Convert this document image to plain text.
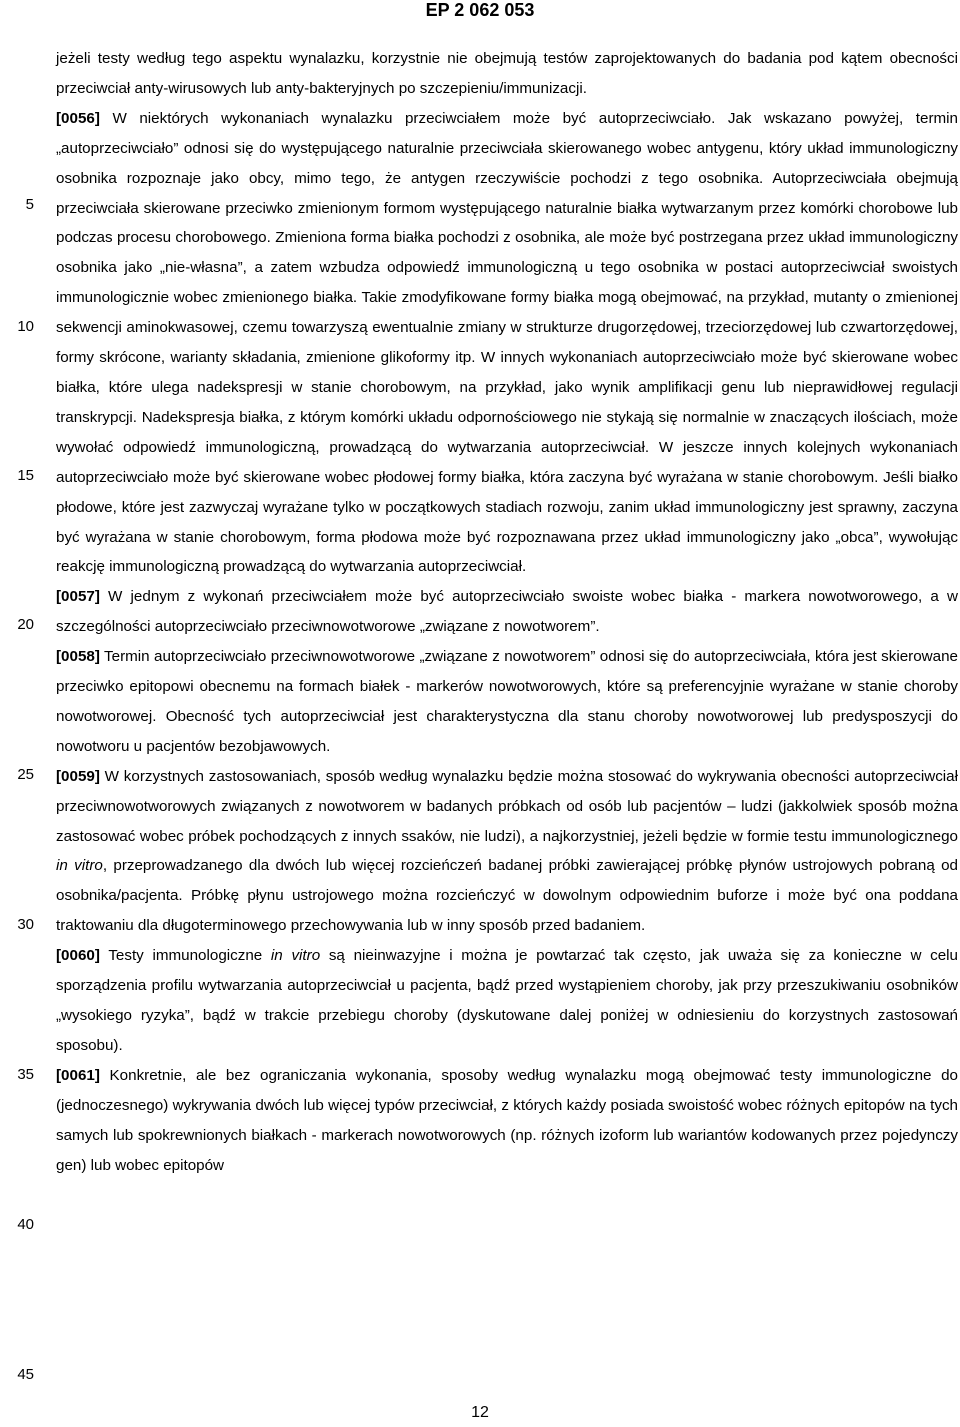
EP 2 062 053
5
10
15
20
25
30
35
40
45

jeżeli testy według tego aspektu wynalazku, korzystnie nie obejmują testów zaprojektowanych do badania pod kątem obecności przeciwciał anty-wirusowych lub anty-bakteryjnych po szczepieniu/immunizacji.

[0056] W niektórych wykonaniach wynalazku przeciwciałem może być autoprzeciwciało. Jak wskazano powyżej, termin „autoprzeciwciało” odnosi się do występującego naturalnie przeciwciała skierowanego wobec antygenu, który układ immunologiczny osobnika rozpoznaje jako obcy, mimo tego, że antygen rzeczywiście pochodzi z tego osobnika. Autoprzeciwciała obejmują przeciwciała skierowane przeciwko zmienionym formom występującego naturalnie białka wytwarzanym przez komórki chorobowe lub podczas procesu chorobowego. Zmieniona forma białka pochodzi z osobnika, ale może być postrzegana przez układ immunologiczny osobnika jako „nie-własna”, a zatem wzbudza odpowiedź immunologiczną u tego osobnika w postaci autoprzeciwciał swoistych immunologicznie wobec zmienionego białka. Takie zmodyfikowane formy białka mogą obejmować, na przykład, mutanty o zmienionej sekwencji aminokwasowej, czemu towarzyszą ewentualnie zmiany w strukturze drugorzędowej, trzeciorzędowej lub czwartorzędowej, formy skrócone, warianty składania, zmienione glikoformy itp. W innych wykonaniach autoprzeciwciało może być skierowane wobec białka, które ulega nadekspresji w stanie chorobowym, na przykład, jako wynik amplifikacji genu lub nieprawidłowej regulacji transkrypcji. Nadekspresja białka, z którym komórki układu odpornościowego nie stykają się normalnie w znaczących ilościach, może wywołać odpowiedź immunologiczną, prowadzącą do wytwarzania autoprzeciwciał. W jeszcze innych kolejnych wykonaniach autoprzeciwciało może być skierowane wobec płodowej formy białka, która zaczyna być wyrażana w stanie chorobowym. Jeśli białko płodowe, które jest zazwyczaj wyrażane tylko w początkowych stadiach rozwoju, zanim układ immunologiczny jest sprawny, zaczyna być wyrażana w stanie chorobowym, forma płodowa może być rozpoznawana przez układ immunologiczny jako „obca”, wywołując reakcję immunologiczną prowadzącą do wytwarzania autoprzeciwciał.

[0057] W jednym z wykonań przeciwciałem może być autoprzeciwciało swoiste wobec białka - markera nowotworowego, a w szczególności autoprzeciwciało przeciwnowotworowe „związane z nowotworem”.

[0058] Termin autoprzeciwciało przeciwnowotworowe „związane z nowotworem” odnosi się do autoprzeciwciała, która jest skierowane przeciwko epitopowi obecnemu na formach białek - markerów nowotworowych, które są preferencyjnie wyrażane w stanie choroby nowotworowej. Obecność tych autoprzeciwciał jest charakterystyczna dla stanu choroby nowotworowej lub predysposzycji do nowotworu u pacjentów bezobjawowych.

[0059] W korzystnych zastosowaniach, sposób według wynalazku będzie można stosować do wykrywania obecności autoprzeciwciał przeciwnowotworowych związanych z nowotworem w badanych próbkach od osób lub pacjentów – ludzi (jakkolwiek sposób można zastosować wobec próbek pochodzących z innych ssaków, nie ludzi), a najkorzystniej, jeżeli będzie w formie testu immunologicznego in vitro, przeprowadzanego dla dwóch lub więcej rozcieńczeń badanej próbki zawierającej próbkę płynów ustrojowych pobraną od osobnika/pacjenta. Próbkę płynu ustrojowego można rozcieńczyć w dowolnym odpowiednim buforze i może być ona poddana traktowaniu dla długoterminowego przechowywania lub w inny sposób przed badaniem.

[0060] Testy immunologiczne in vitro są nieinwazyjne i można je powtarzać tak często, jak uważa się za konieczne w celu sporządzenia profilu wytwarzania autoprzeciwciał u pacjenta, bądź przed wystąpieniem choroby, jak przy przeszukiwaniu osobników „wysokiego ryzyka”, bądź w trakcie przebiegu choroby (dyskutowane dalej poniżej w odniesieniu do korzystnych zastosowań sposobu).

[0061] Konkretnie, ale bez ograniczania wykonania, sposoby według wynalazku mogą obejmować testy immunologiczne do (jednoczesnego) wykrywania dwóch lub więcej typów przeciwciał, z których każdy posiada swoistość wobec różnych epitopów na tych samych lub spokrewnionych białkach - markerach nowotworowych (np. różnych izoform lub wariantów kodowanych przez pojedynczy gen) lub wobec epitopów

12
